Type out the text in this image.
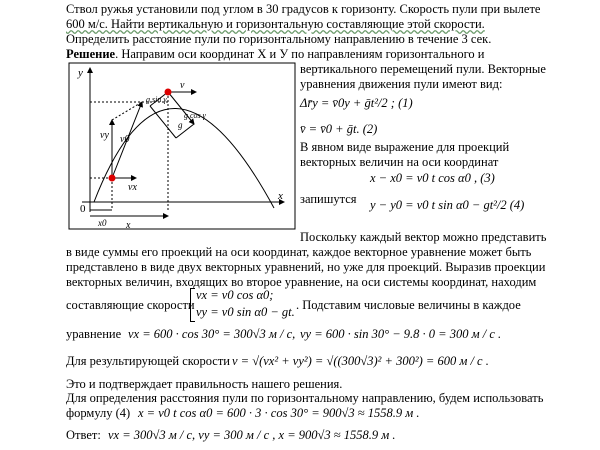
Ствол ружья установили под углом в 30 градусов к горизонту. Скорость пули при вылете
600 м/с. Найти вертикальную и горизонтальную составляющие этой скорости.
Определить расстояние пули по горизонтальному направлению в течение 3 сек.
Решение. Направим оси координат X и У по направлениям горизонтального и
вертикального перемещений пули. Векторные
уравнения движения пули имеют вид:
y
x
0
v0
vy
vx
v
x
x0
g sin γ
g cos γ
g
Δr̄y = v̄0y + ḡt²/2 ; (1)
v̄ = v̄0 + ḡt. (2)
В явном виде выражение для проекций
векторных величин на оси координат
x − x0 = v0 t cos α0 , (3)
запишутся y − y0 = v0 t sin α0 − gt²/2 (4)
Поскольку каждый вектор можно представить
в виде суммы его проекций на оси координат, каждое векторное уравнение может быть
представлено в виде двух векторных уравнений, но уже для проекций. Выразив проекции
векторных величин, входящих во второе уравнение, на оси системы координат, находим
составляющие скорости
vx = v0 cos α0;
vy = v0 sin α0 − gt. . Подставим числовые величины в каждое
уравнение vx = 600 · cos 30° = 300√3 м / с, vy = 600 · sin 30° − 9.8 · 0 = 300 м / с .
Для результирующей скорости v = √(vx² + vy²) = √((300√3)² + 300²) = 600 м / с .
Это и подтверждает правильность нашего решения.
Для определения расстояния пули по горизонтальному направлению, будем использовать
формулу (4) x = v0 t cos α0 = 600 · 3 · cos 30° = 900√3 ≈ 1558.9 м .
Ответ: vx = 300√3 м / с, vy = 300 м / с , x = 900√3 ≈ 1558.9 м .
